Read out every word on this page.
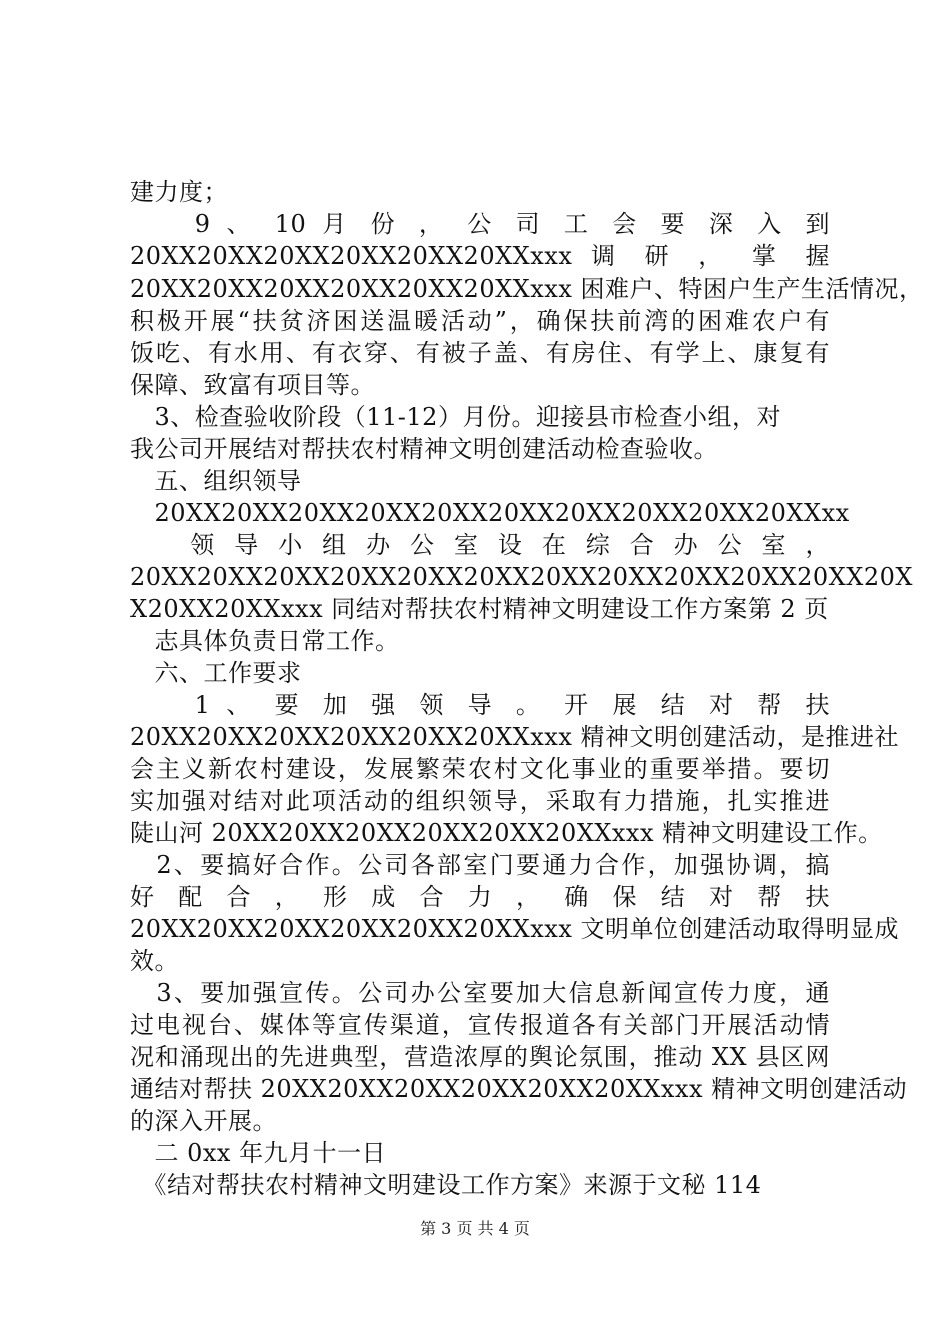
建力度；
　　9 、 10 月 份 ， 公 司 工 会 要 深 入 到
20XX20XX20XX20XX20XX20XXxxx 调 研 ， 掌 握
20XX20XX20XX20XX20XX20XXxxx 困难户、特困户生产生活情况，
积极开展“扶贫济困送温暖活动”，确保扶前湾的困难农户有
饭吃、有水用、有衣穿、有被子盖、有房住、有学上、康复有
保障、致富有项目等。
　3、检查验收阶段（11-12）月份。迎接县市检查小组，对
我公司开展结对帮扶农村精神文明创建活动检查验收。
　五、组织领导
　20XX20XX20XX20XX20XX20XX20XX20XX20XX20XXxx
　　领 导 小 组 办 公 室 设 在 综 合 办 公 室 ，
20XX20XX20XX20XX20XX20XX20XX20XX20XX20XX20XX20X
X20XX20XXxxx 同结对帮扶农村精神文明建设工作方案第 2 页
　志具体负责日常工作。
　六、工作要求
　　1 、 要 加 强 领 导 。 开 展 结 对 帮 扶
20XX20XX20XX20XX20XX20XXxxx 精神文明创建活动，是推进社
会主义新农村建设，发展繁荣农村文化事业的重要举措。要切
实加强对结对此项活动的组织领导，采取有力措施，扎实推进
陡山河 20XX20XX20XX20XX20XX20XXxxx 精神文明建设工作。
　2、要搞好合作。公司各部室门要通力合作，加强协调，搞
好 配 合 ， 形 成 合 力 ， 确 保 结 对 帮 扶
20XX20XX20XX20XX20XX20XXxxx 文明单位创建活动取得明显成
效。
　3、要加强宣传。公司办公室要加大信息新闻宣传力度，通
过电视台、媒体等宣传渠道，宣传报道各有关部门开展活动情
况和涌现出的先进典型，营造浓厚的舆论氛围，推动 XX 县区网
通结对帮扶 20XX20XX20XX20XX20XX20XXxxx 精神文明创建活动
的深入开展。
　二 0xx 年九月十一日
　《结对帮扶农村精神文明建设工作方案》来源于文秘 114
第 3 页 共 4 页
